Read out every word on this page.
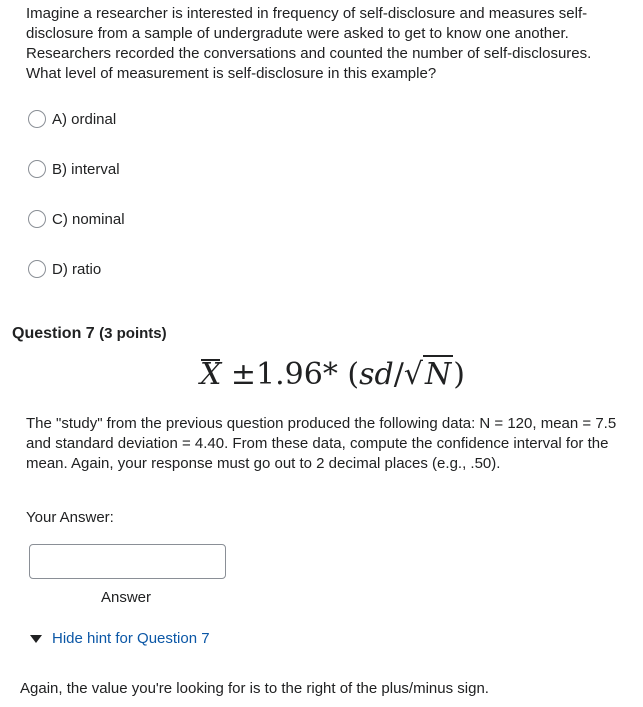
Imagine a researcher is interested in frequency of self-disclosure and measures self-disclosure from a sample of undergradute were asked to get to know one another.
Researchers recorded the conversations and counted the number of self-disclosures.
What level of measurement is self-disclosure in this example?

A) ordinal
B) interval
C) nominal
D) ratio
Question 7 (3 points)
X ±1.96* (sd/√N)

The "study" from the previous question produced the following data: N = 120, mean = 7.5 and standard deviation = 4.40. From these data, compute the confidence interval for the mean. Again, your response must go out to 2 decimal places (e.g., .50).

Your Answer:
Answer
Hide hint for Question 7
Again, the value you're looking for is to the right of the plus/minus sign.
